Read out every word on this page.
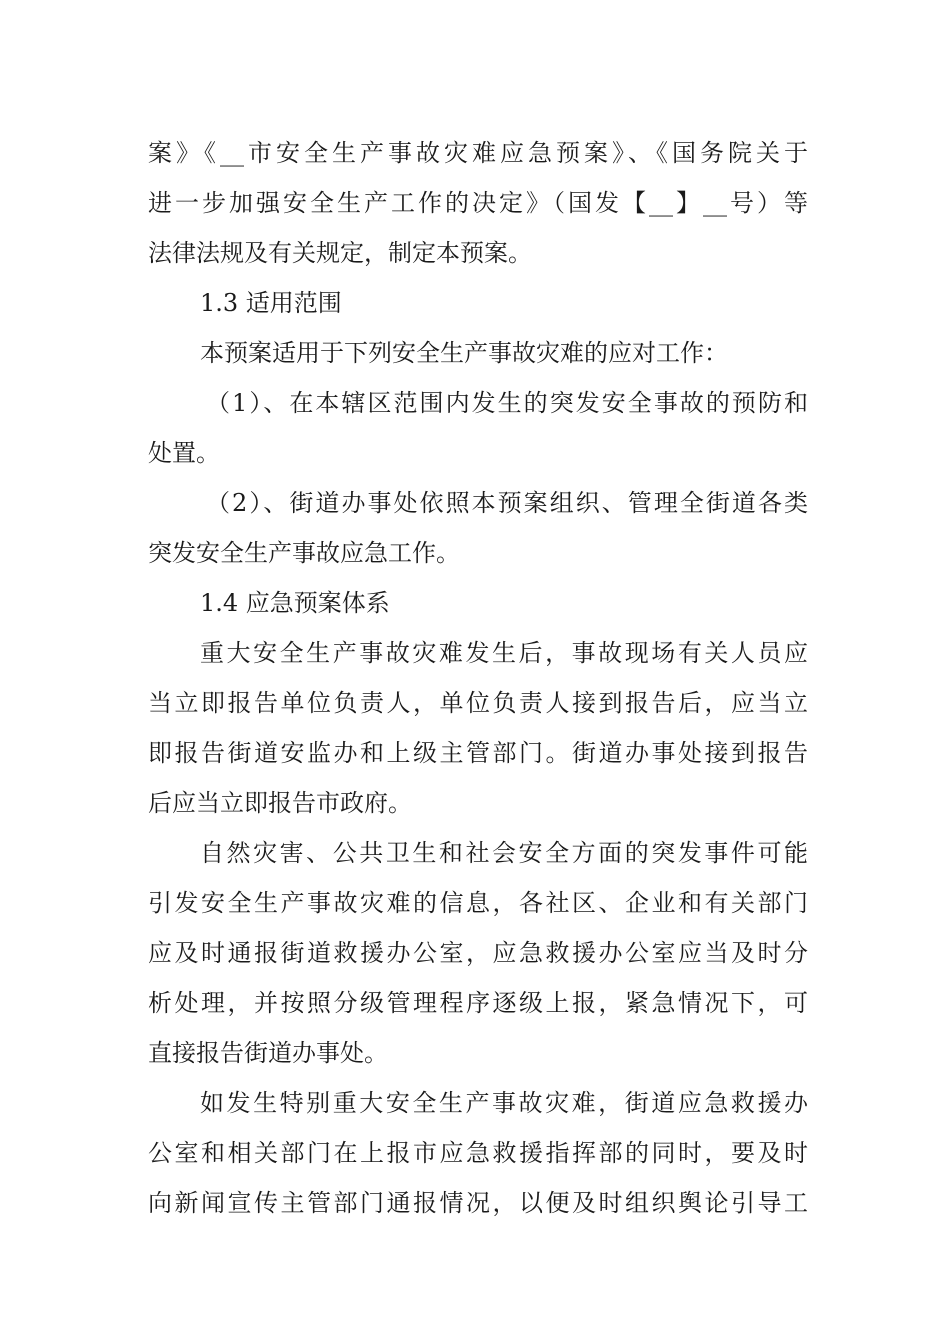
案》《__市安全生产事故灾难应急预案》、《国务院关于
进一步加强安全生产工作的决定》（国发【__】__号）等
法律法规及有关规定，制定本预案。
1.3 适用范围
本预案适用于下列安全生产事故灾难的应对工作：
（1）、在本辖区范围内发生的突发安全事故的预防和
处置。
（2）、街道办事处依照本预案组织、管理全街道各类
突发安全生产事故应急工作。
1.4 应急预案体系
重大安全生产事故灾难发生后，事故现场有关人员应
当立即报告单位负责人，单位负责人接到报告后，应当立
即报告街道安监办和上级主管部门。街道办事处接到报告
后应当立即报告市政府。
自然灾害、公共卫生和社会安全方面的突发事件可能
引发安全生产事故灾难的信息，各社区、企业和有关部门
应及时通报街道救援办公室，应急救援办公室应当及时分
析处理，并按照分级管理程序逐级上报，紧急情况下，可
直接报告街道办事处。
如发生特别重大安全生产事故灾难，街道应急救援办
公室和相关部门在上报市应急救援指挥部的同时，要及时
向新闻宣传主管部门通报情况，以便及时组织舆论引导工
